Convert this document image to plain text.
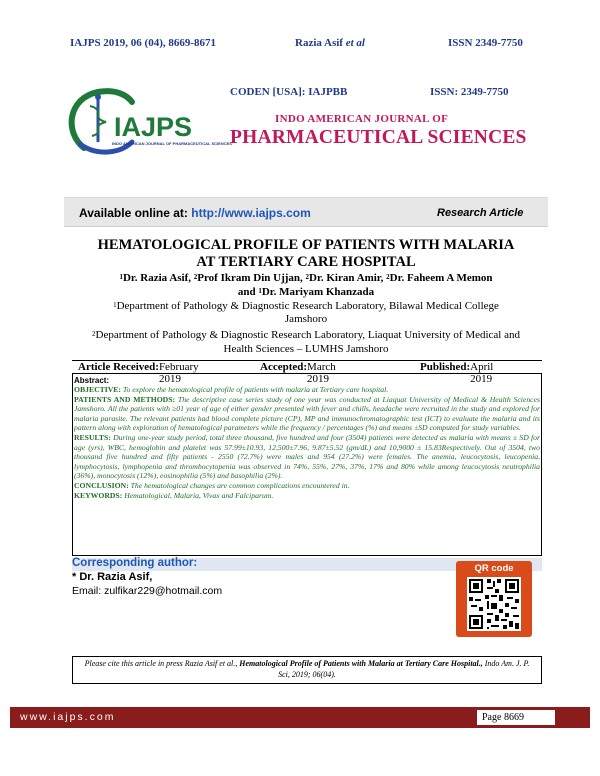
IAJPS 2019, 06 (04), 8669-8671	Razia Asif et al	ISSN 2349-7750
IAJPS
INDO AMERICAN JOURNAL OF PHARMACEUTICAL SCIENCES
CODEN [USA]: IAJPBB	ISSN: 2349-7750
INDO AMERICAN JOURNAL OF
PHARMACEUTICAL SCIENCES
Available online at: http://www.iajps.com	Research Article
HEMATOLOGICAL PROFILE OF PATIENTS WITH MALARIA
AT TERTIARY CARE HOSPITAL
$^1$Dr. Razia Asif, $^2$Prof Ikram Din Ujjan, $^2$Dr. Kiran Amir, $^2$Dr. Faheem A Memon
and $^1$Dr. Mariyam Khanzada
$^1$Department of Pathology & Diagnostic Research Laboratory, Bilawal Medical College
Jamshoro
$^2$Department of Pathology & Diagnostic Research Laboratory, Liaquat University of Medical and
Health Sciences – LUMHS Jamshoro
Article Received: February 2019
Accepted: March 2019
Published: April 2019
Abstract:
OBJECTIVE: To explore the hematological profile of patients with malaria at Tertiary care hospital.
PATIENTS AND METHODS: The descriptive case series study of one year was conducted at Liaquat University of Medical & Health Sciences Jamshoro. All the patients with ≥01 year of age of either gender presented with fever and chills, headache were recruited in the study and explored for malaria parasite. The relevant patients had blood complete picture (CP), MP and immunochromatographic test (ICT) to evaluate the malaria and its pattern along with exploration of hematological parameters while the frequency / percentages (%) and means ±SD computed for study variables.
RESULTS: During one-year study period, total three thousand, five hundred and four (3504) patients were detected as malaria with means ± SD for age (yrs), WBC, hemoglobin and platelet was 57.99±10.93, 12,500±7.96, 9.87±5.52 (gm/dL) and 10,9000 ± 15.83Respectively. Out of 3504, two thousand five hundred and fifty patients - 2550 (72.7%) were males and 954 (27.2%) were females. The anemia, leucocytosis, leucopenia, lymphocytosis, lymphopenia and thrombocytopenia was observed in 74%, 55%, 27%, 37%, 17% and 80% while among leucocytosis neutrophilia (36%), monocytosis (12%), eosinophilia (5%) and basophilia (2%).
CONCLUSION: The hematological changes are common complications encountered in.
KEYWORDS: Hematological, Malaria, Vivax and Falciparum.
Corresponding author:
* Dr. Razia Asif,
Email: zulfikar229@hotmail.com
QR code
Please cite this article in press Razia Asif et al., Hematological Profile of Patients with Malaria at Tertiary Care Hospital., Indo Am. J. P. Sci, 2019; 06(04).
www.iajps.com	Page 8669
